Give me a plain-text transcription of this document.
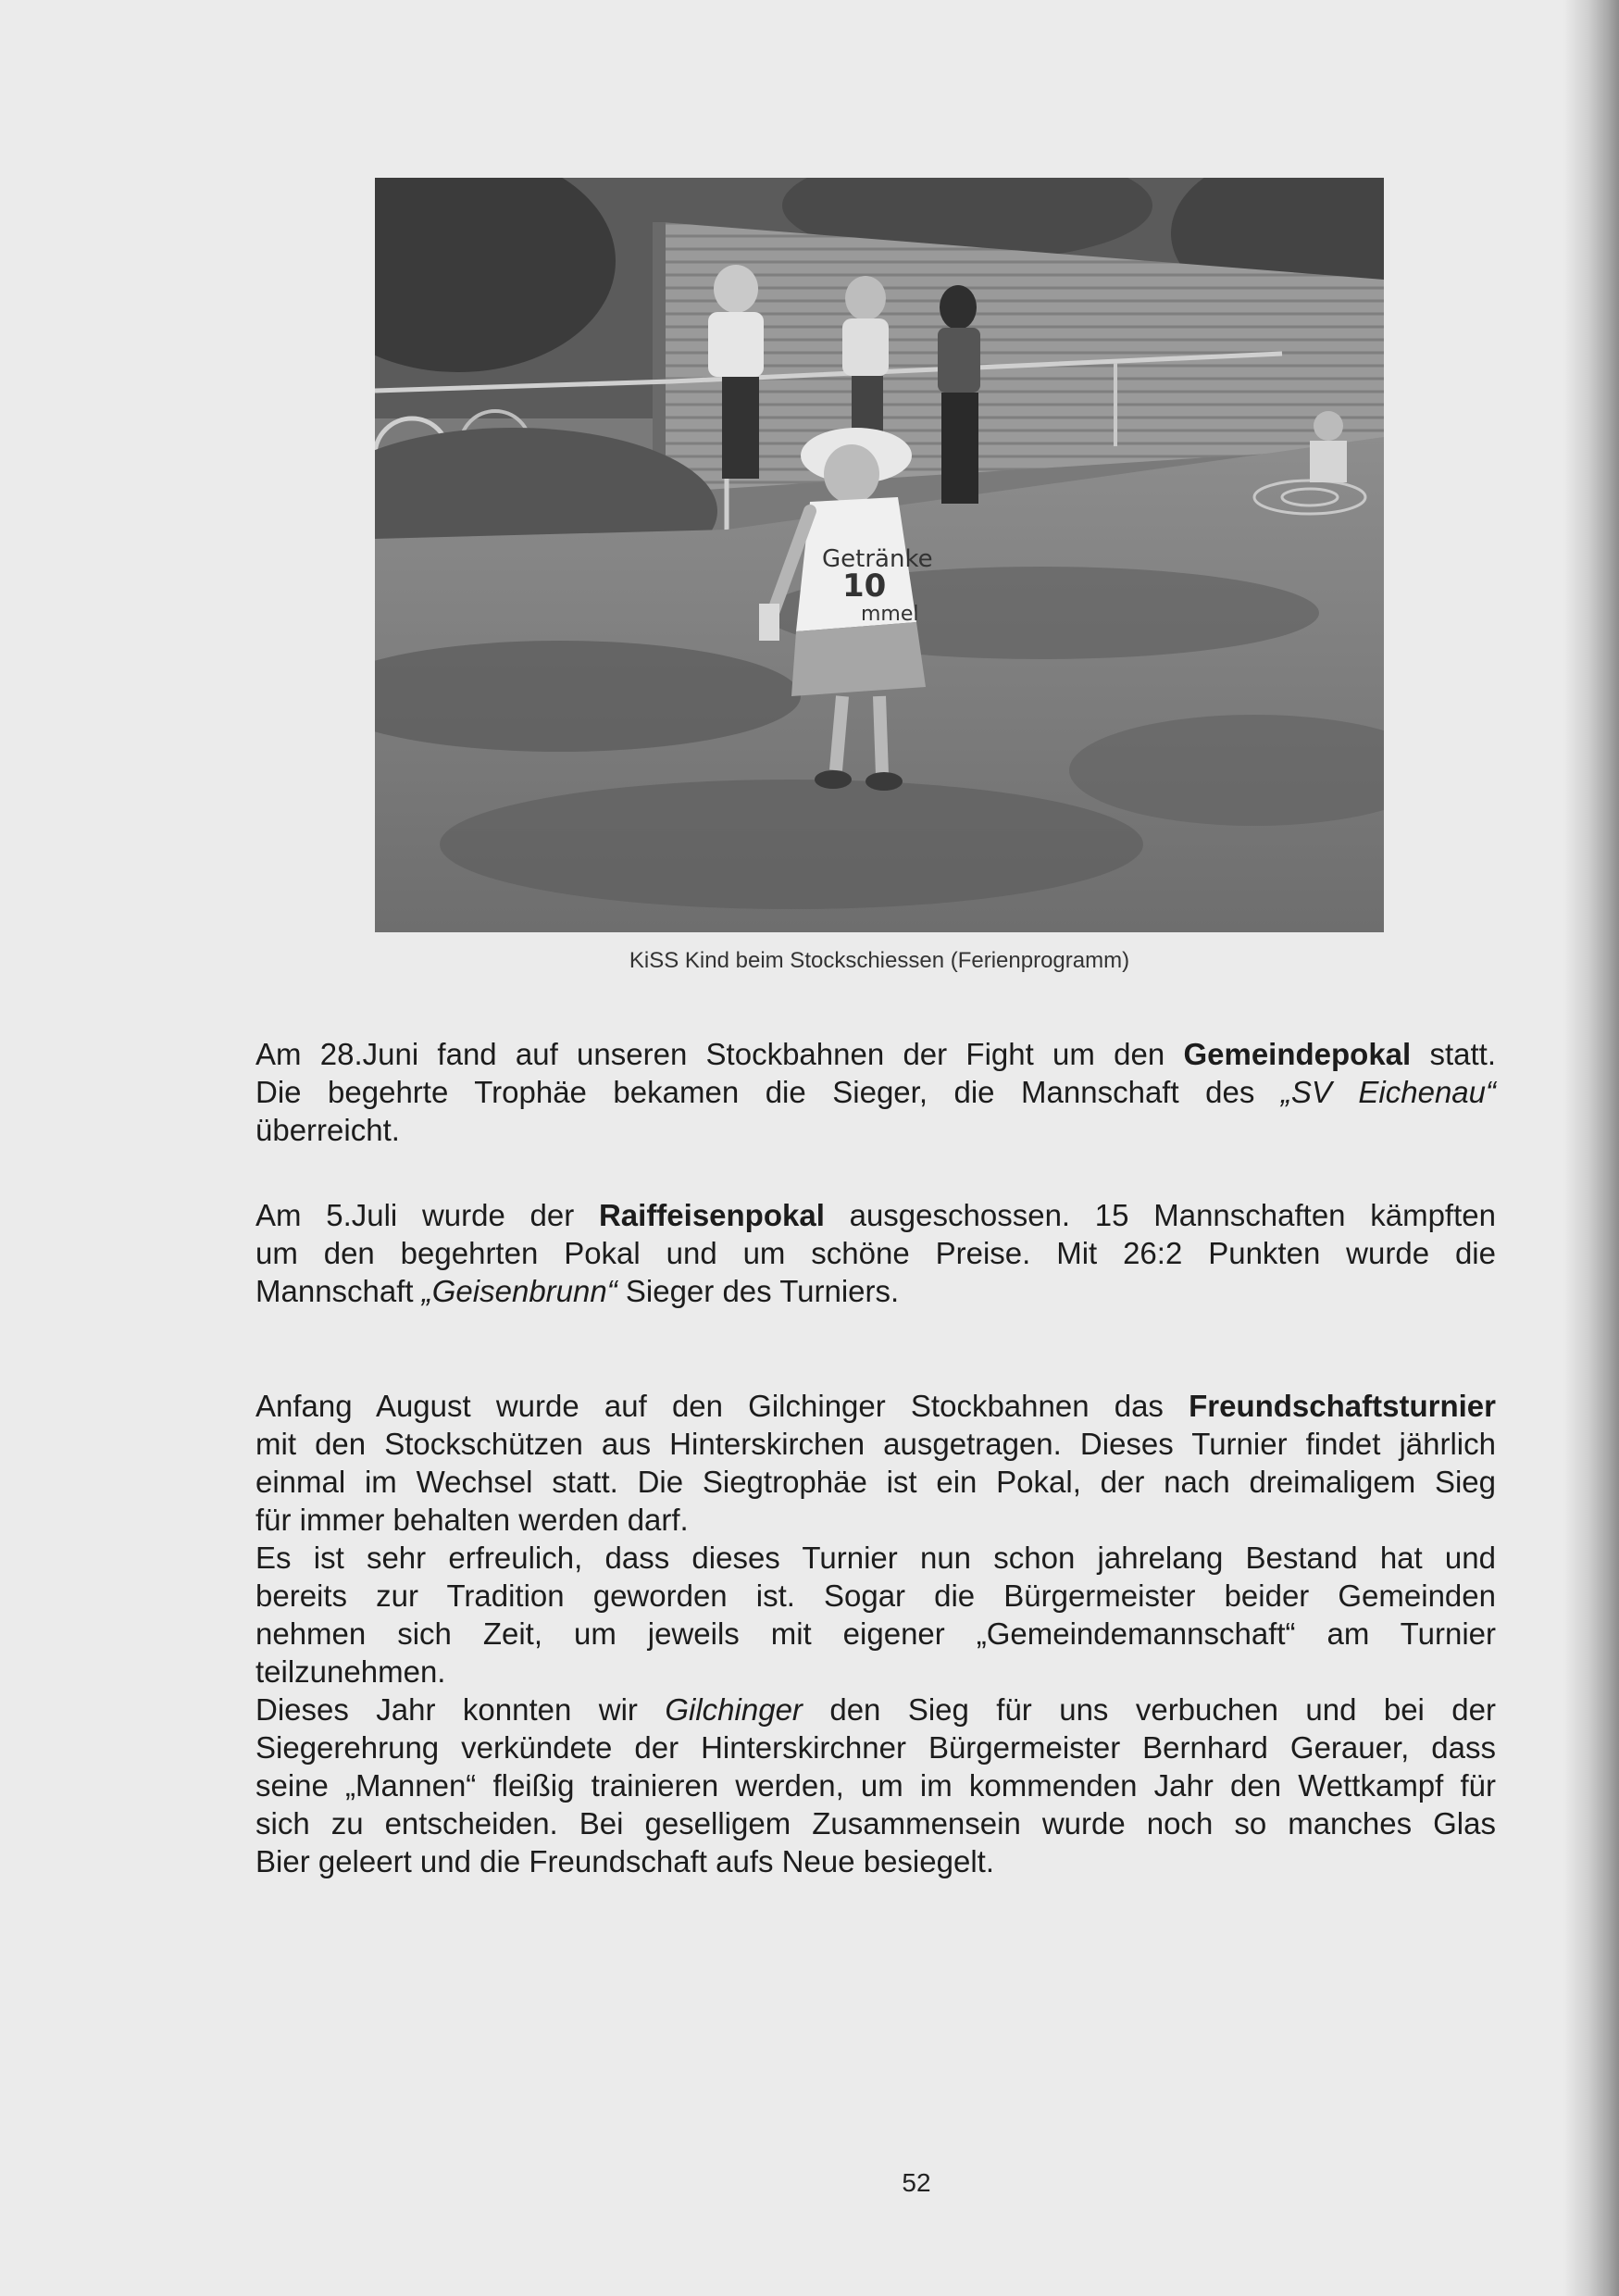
Getränke
10
mmel
KiSS Kind beim Stockschiessen (Ferienprogramm)

Am 28.Juni fand auf unseren Stockbahnen der Fight um den Gemeindepokal statt.
Die begehrte Trophäe bekamen die Sieger, die Mannschaft des „SV Eichenau“
überreicht.

Am 5.Juli wurde der Raiffeisenpokal ausgeschossen. 15 Mannschaften kämpften
um den begehrten Pokal und um schöne Preise. Mit 26:2 Punkten wurde die
Mannschaft „Geisenbrunn“ Sieger des Turniers.

Anfang August wurde auf den Gilchinger Stockbahnen das Freundschaftsturnier
mit den Stockschützen aus Hinterskirchen ausgetragen. Dieses Turnier findet jährlich
einmal im Wechsel statt. Die Siegtrophäe ist ein Pokal, der nach dreimaligem Sieg
für immer behalten werden darf.
Es ist sehr erfreulich, dass dieses Turnier nun schon jahrelang Bestand hat und
bereits zur Tradition geworden ist. Sogar die Bürgermeister beider Gemeinden
nehmen sich Zeit, um jeweils mit eigener „Gemeindemannschaft“ am Turnier
teilzunehmen.
Dieses Jahr konnten wir Gilchinger den Sieg für uns verbuchen und bei der
Siegerehrung verkündete der Hinterskirchner Bürgermeister Bernhard Gerauer, dass
seine „Mannen“ fleißig trainieren werden, um im kommenden Jahr den Wettkampf für
sich zu entscheiden. Bei geselligem Zusammensein wurde noch so manches Glas
Bier geleert und die Freundschaft aufs Neue besiegelt.

52
